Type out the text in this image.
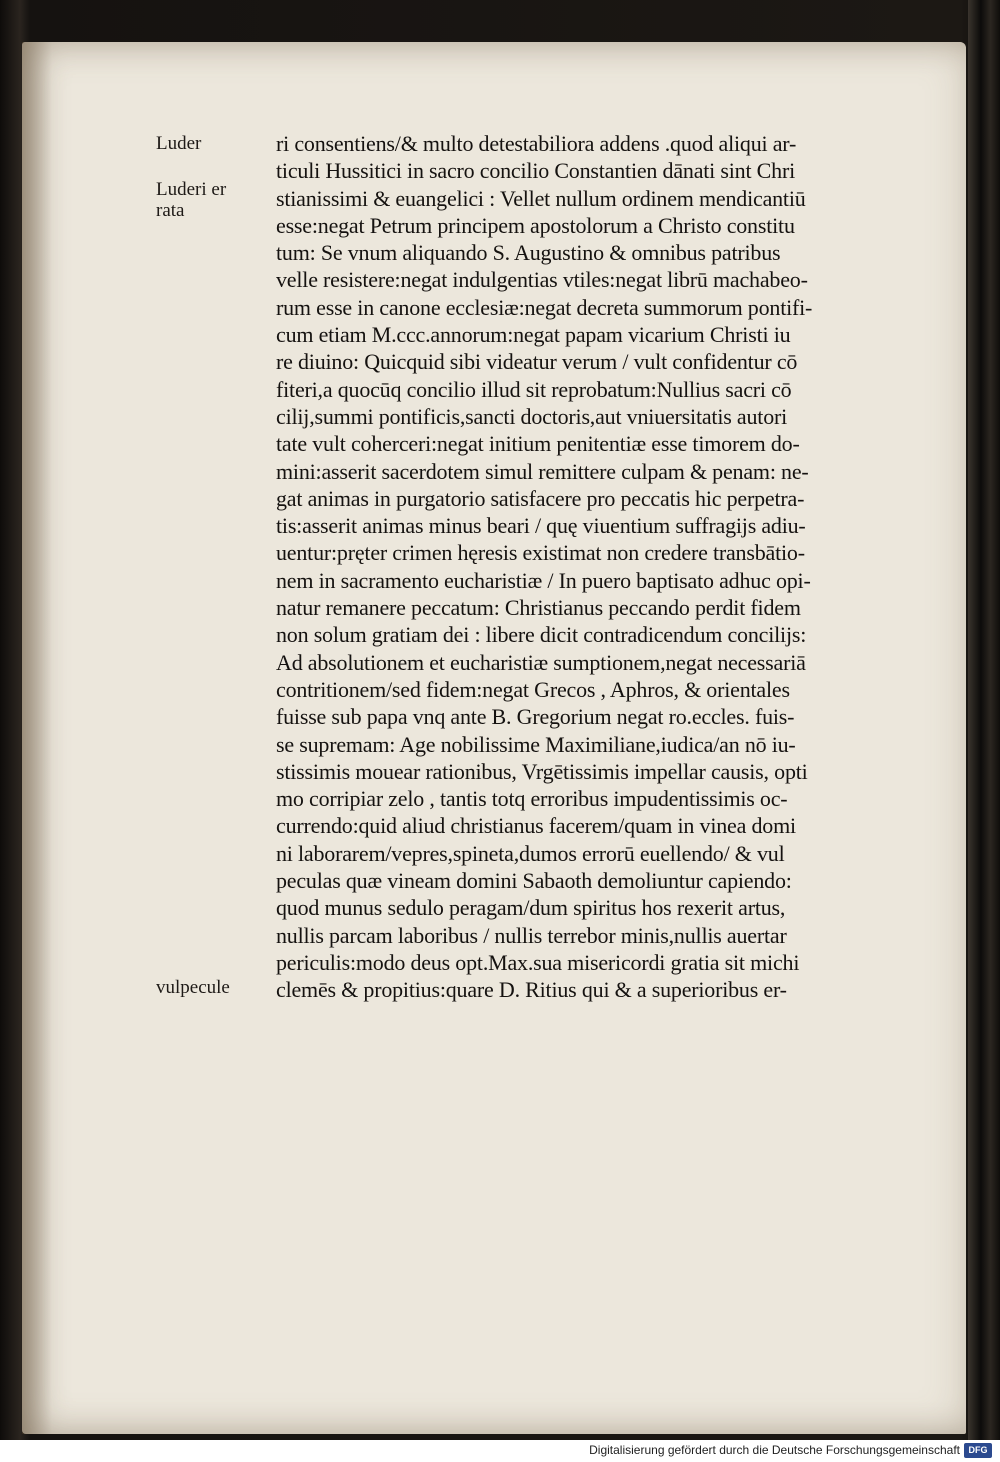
Luder
Luderi er
rata
vulpecule
ri consentiens/& multo detestabiliora addens .quod aliqui ar-
ticuli Hussitici in sacro concilio Constantien dānati sint Chri
stianissimi & euangelici : Vellet nullum ordinem mendicantiū
esse:negat Petrum principem apostolorum a Christo constitu
tum: Se vnum aliquando S. Augustino & omnibus patribus
velle resistere:negat indulgentias vtiles:negat librū machabeo-
rum esse in canone ecclesiæ:negat decreta summorum pontifi-
cum etiam M.ccc.annorum:negat papam vicarium Christi iu
re diuino: Quicquid sibi videatur verum / vult confidentur cō
fiteri,a quocūq concilio illud sit reprobatum:Nullius sacri cō
cilij,summi pontificis,sancti doctoris,aut vniuersitatis autori
tate vult coherceri:negat initium penitentiæ esse timorem do-
mini:asserit sacerdotem simul remittere culpam & penam: ne-
gat animas in purgatorio satisfacere pro peccatis hic perpetra-
tis:asserit animas minus beari / quę viuentium suffragijs adiu-
uentur:pręter crimen hęresis existimat non credere transbātio-
nem in sacramento eucharistiæ / In puero baptisato adhuc opi-
natur remanere peccatum: Christianus peccando perdit fidem
non solum gratiam dei : libere dicit contradicendum concilijs:
Ad absolutionem et eucharistiæ sumptionem,negat necessariā
contritionem/sed fidem:negat Grecos , Aphros, & orientales
fuisse sub papa vnq ante B. Gregorium negat ro.eccles. fuis-
se supremam: Age nobilissime Maximiliane,iudica/an nō iu-
stissimis mouear rationibus, Vrgētissimis impellar causis, opti
mo corripiar zelo , tantis totq erroribus impudentissimis oc-
currendo:quid aliud christianus facerem/quam in vinea domi
ni laborarem/vepres,spineta,dumos errorū euellendo/ & vul
peculas quæ vineam domini Sabaoth demoliuntur capiendo:
quod munus sedulo peragam/dum spiritus hos rexerit artus,
nullis parcam laboribus / nullis terrebor minis,nullis auertar
periculis:modo deus opt.Max.sua misericordi gratia sit michi
clemēs & propitius:quare D. Ritius qui & a superioribus er-
Digitalisierung gefördert durch die Deutsche Forschungsgemeinschaft DFG
